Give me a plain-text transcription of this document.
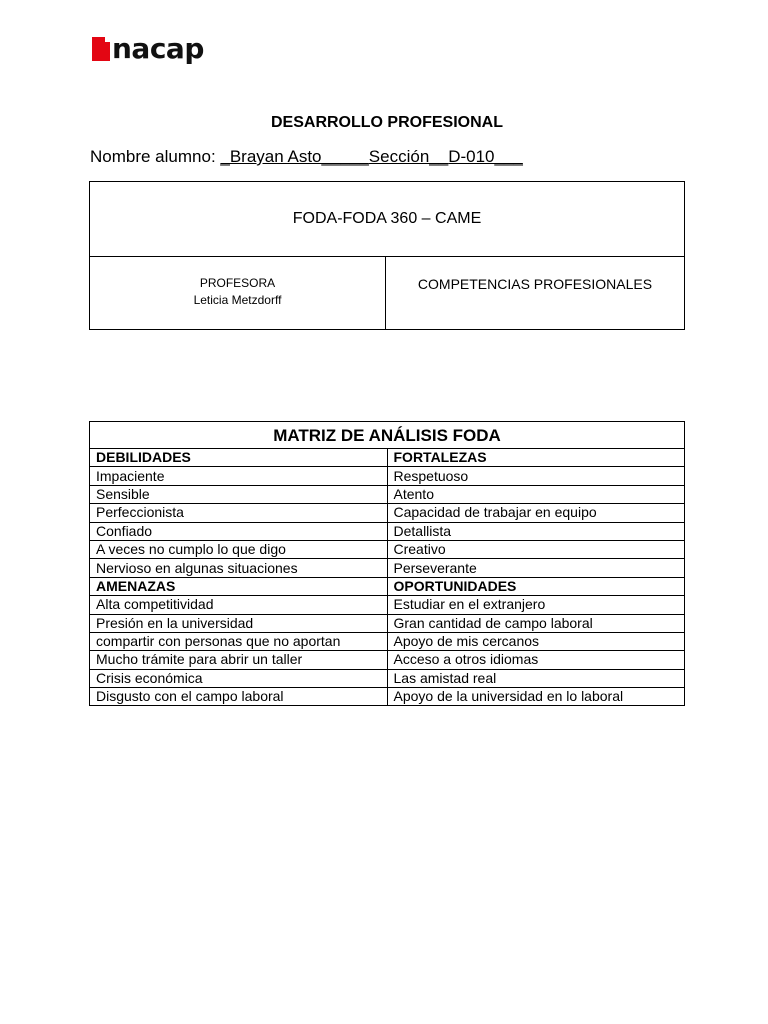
nacap
DESARROLLO PROFESIONAL
Nombre alumno: _Brayan Asto_____Sección__D-010___
FODA-FODA 360 – CAME
PROFESORA
Leticia Metzdorff
COMPETENCIAS PROFESIONALES
MATRIZ DE ANÁLISIS FODA	
DEBILIDADES	FORTALEZAS
Impaciente	Respetuoso
Sensible	Atento
Perfeccionista	Capacidad de trabajar en equipo
Confiado	Detallista
A veces no cumplo lo que digo	Creativo
Nervioso en algunas situaciones	Perseverante
AMENAZAS	OPORTUNIDADES
Alta competitividad	Estudiar en el extranjero
Presión en la universidad	Gran cantidad de campo laboral
compartir con personas que no aportan	Apoyo de mis cercanos
Mucho trámite para abrir un taller	Acceso a otros idiomas
Crisis económica	Las amistad real
Disgusto con el campo laboral	Apoyo de la universidad en lo laboral
